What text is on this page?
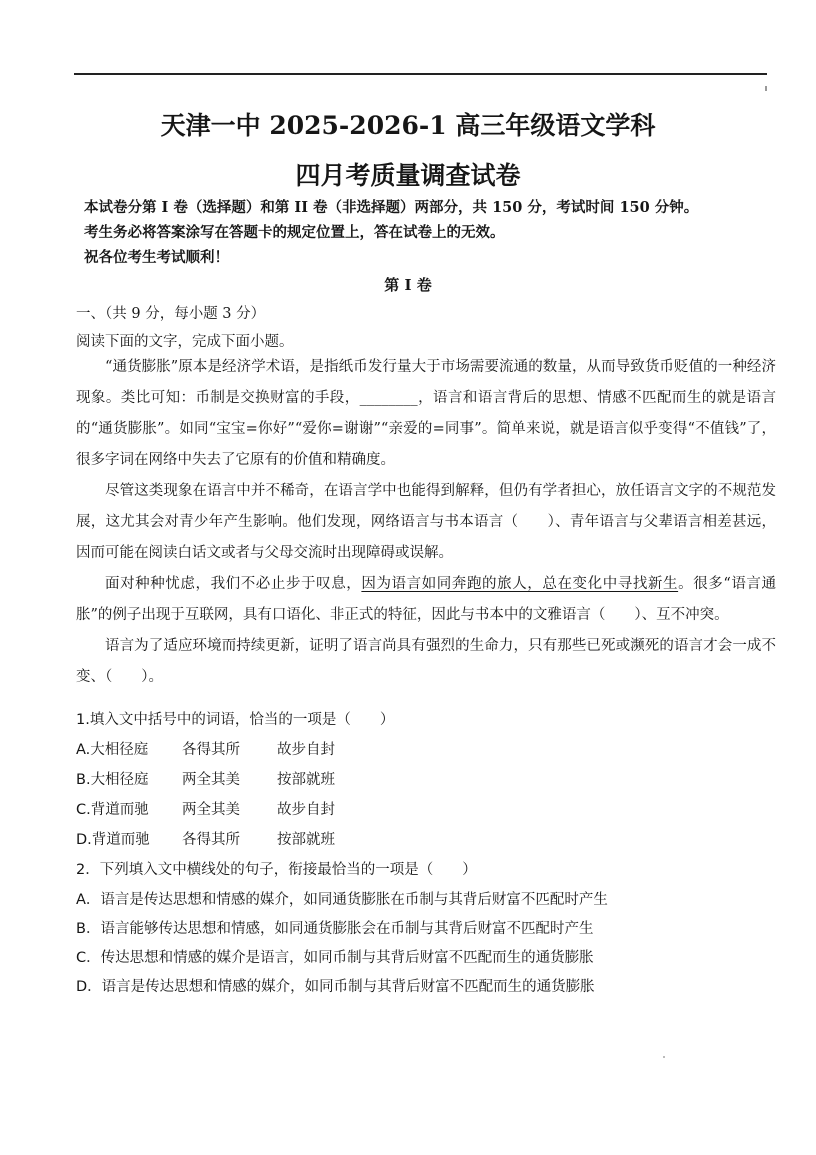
天津一中 2025-2026-1 高三年级语文学科
四月考质量调查试卷
本试卷分第 I 卷（选择题）和第 II 卷（非选择题）两部分，共 150 分，考试时间 150 分钟。
考生务必将答案涂写在答题卡的规定位置上，答在试卷上的无效。
祝各位考生考试顺利！
第 I 卷
一、（共 9 分，每小题 3 分）
阅读下面的文字，完成下面小题。

“通货膨胀”原本是经济学术语，是指纸币发行量大于市场需要流通的数量，从而导致货币贬值的一种经济现象。类比可知：币制是交换财富的手段，________，语言和语言背后的思想、情感不匹配而生的就是语言的“通货膨胀”。如同“宝宝=你好”“爱你=谢谢”“亲爱的=同事”。简单来说，就是语言似乎变得“不值钱”了，很多字词在网络中失去了它原有的价值和精确度。

尽管这类现象在语言中并不稀奇，在语言学中也能得到解释，但仍有学者担心，放任语言文字的不规范发展，这尤其会对青少年产生影响。他们发现，网络语言与书本语言（　　）、青年语言与父辈语言相差甚远，因而可能在阅读白话文或者与父母交流时出现障碍或误解。

面对种种忧虑，我们不必止步于叹息，因为语言如同奔跑的旅人，总在变化中寻找新生。很多“语言通胀”的例子出现于互联网，具有口语化、非正式的特征，因此与书本中的文雅语言（　　）、互不冲突。

语言为了适应环境而持续更新，证明了语言尚具有强烈的生命力，只有那些已死或濒死的语言才会一成不变、（　　）。

1.填入文中括号中的词语，恰当的一项是（　　）
A.大相径庭 各得其所	故步自封
B.大相径庭 两全其美	按部就班
C.背道而驰 两全其美	故步自封
D.背道而驰 各得其所	按部就班
2．下列填入文中横线处的句子，衔接最恰当的一项是（　　）
A．语言是传达思想和情感的媒介，如同通货膨胀在币制与其背后财富不匹配时产生
B．语言能够传达思想和情感，如同通货膨胀会在币制与其背后财富不匹配时产生
C．传达思想和情感的媒介是语言，如同币制与其背后财富不匹配而生的通货膨胀
D．语言是传达思想和情感的媒介，如同币制与其背后财富不匹配而生的通货膨胀
